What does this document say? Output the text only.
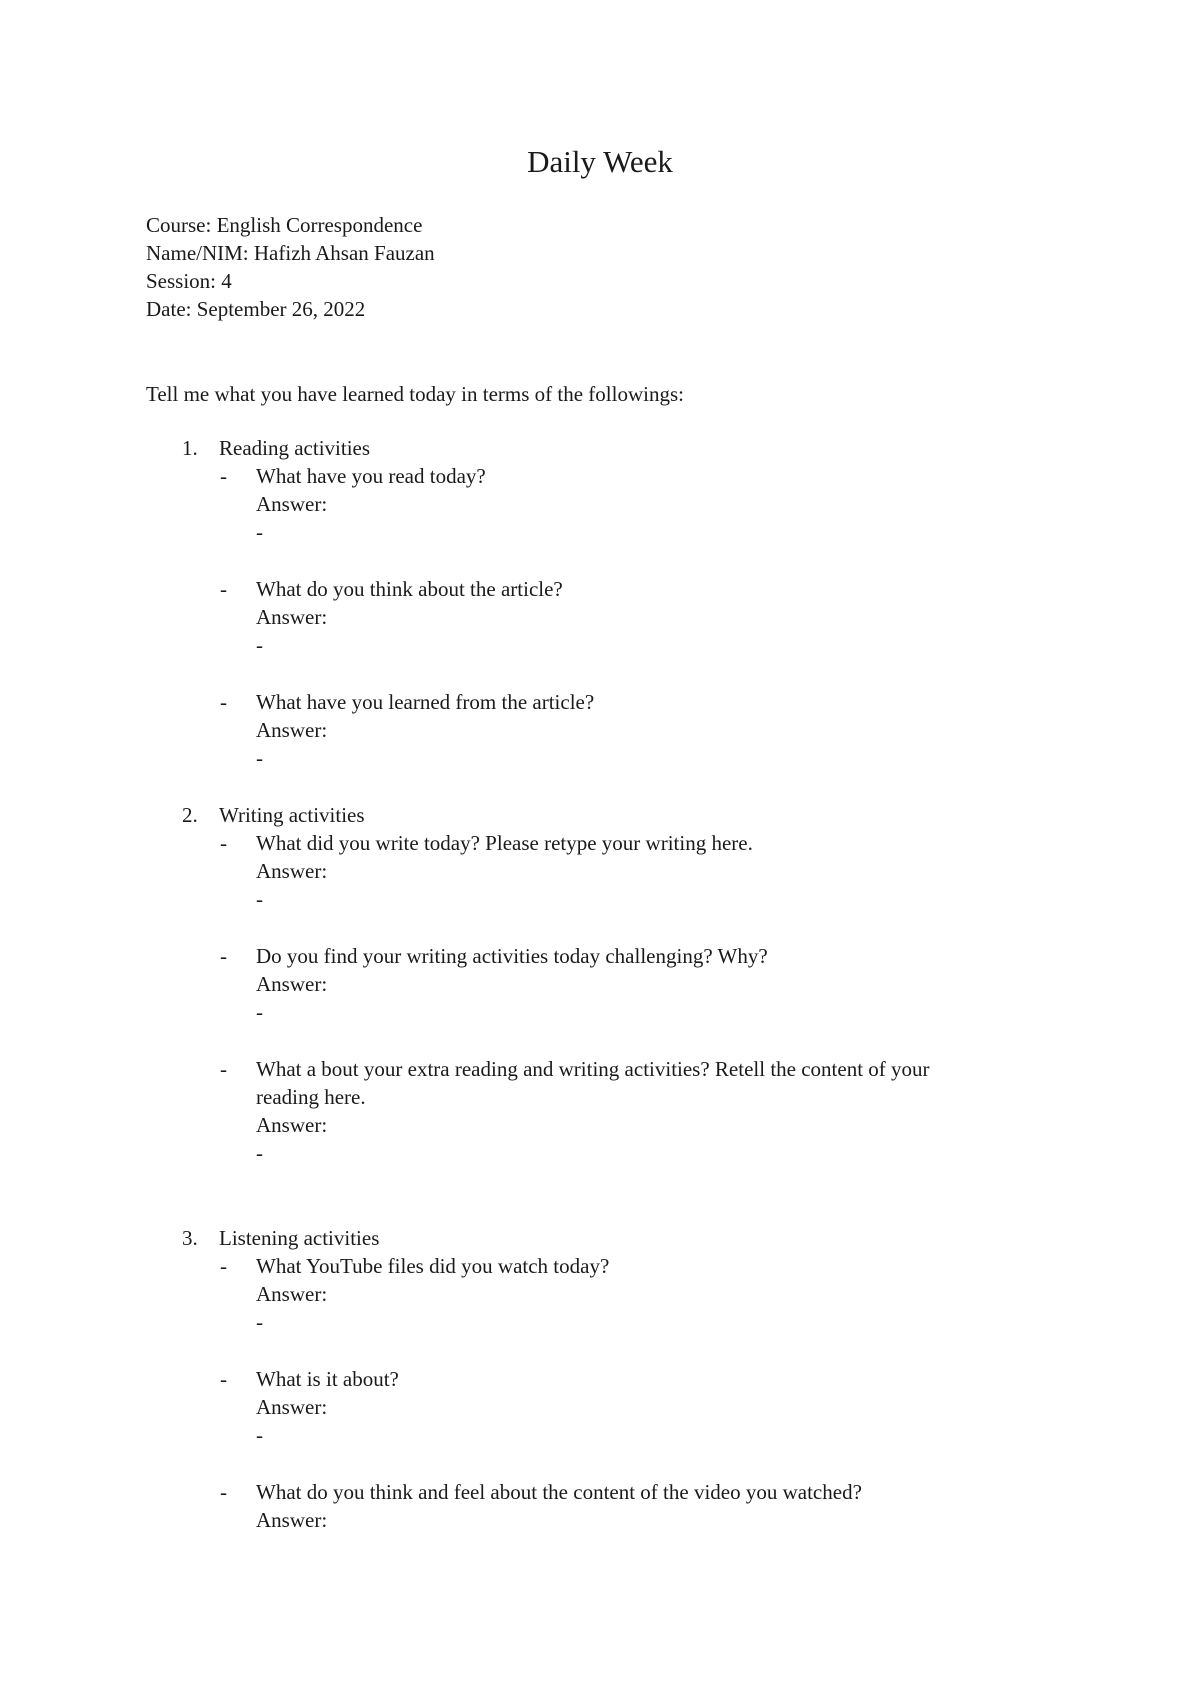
Daily Week
Course: English Correspondence
Name/NIM: Hafizh Ahsan Fauzan
Session: 4
Date: September 26, 2022
Tell me what you have learned today in terms of the followings:
1. Reading activities
- What have you read today?
Answer:
-
- What do you think about the article?
Answer:
-
- What have you learned from the article?
Answer:
-
2. Writing activities
- What did you write today? Please retype your writing here.
Answer:
-
- Do you find your writing activities today challenging? Why?
Answer:
-
- What a bout your extra reading and writing activities? Retell the content of your
reading here.
Answer:
-
3. Listening activities
- What YouTube files did you watch today?
Answer:
-
- What is it about?
Answer:
-
- What do you think and feel about the content of the video you watched?
Answer:
